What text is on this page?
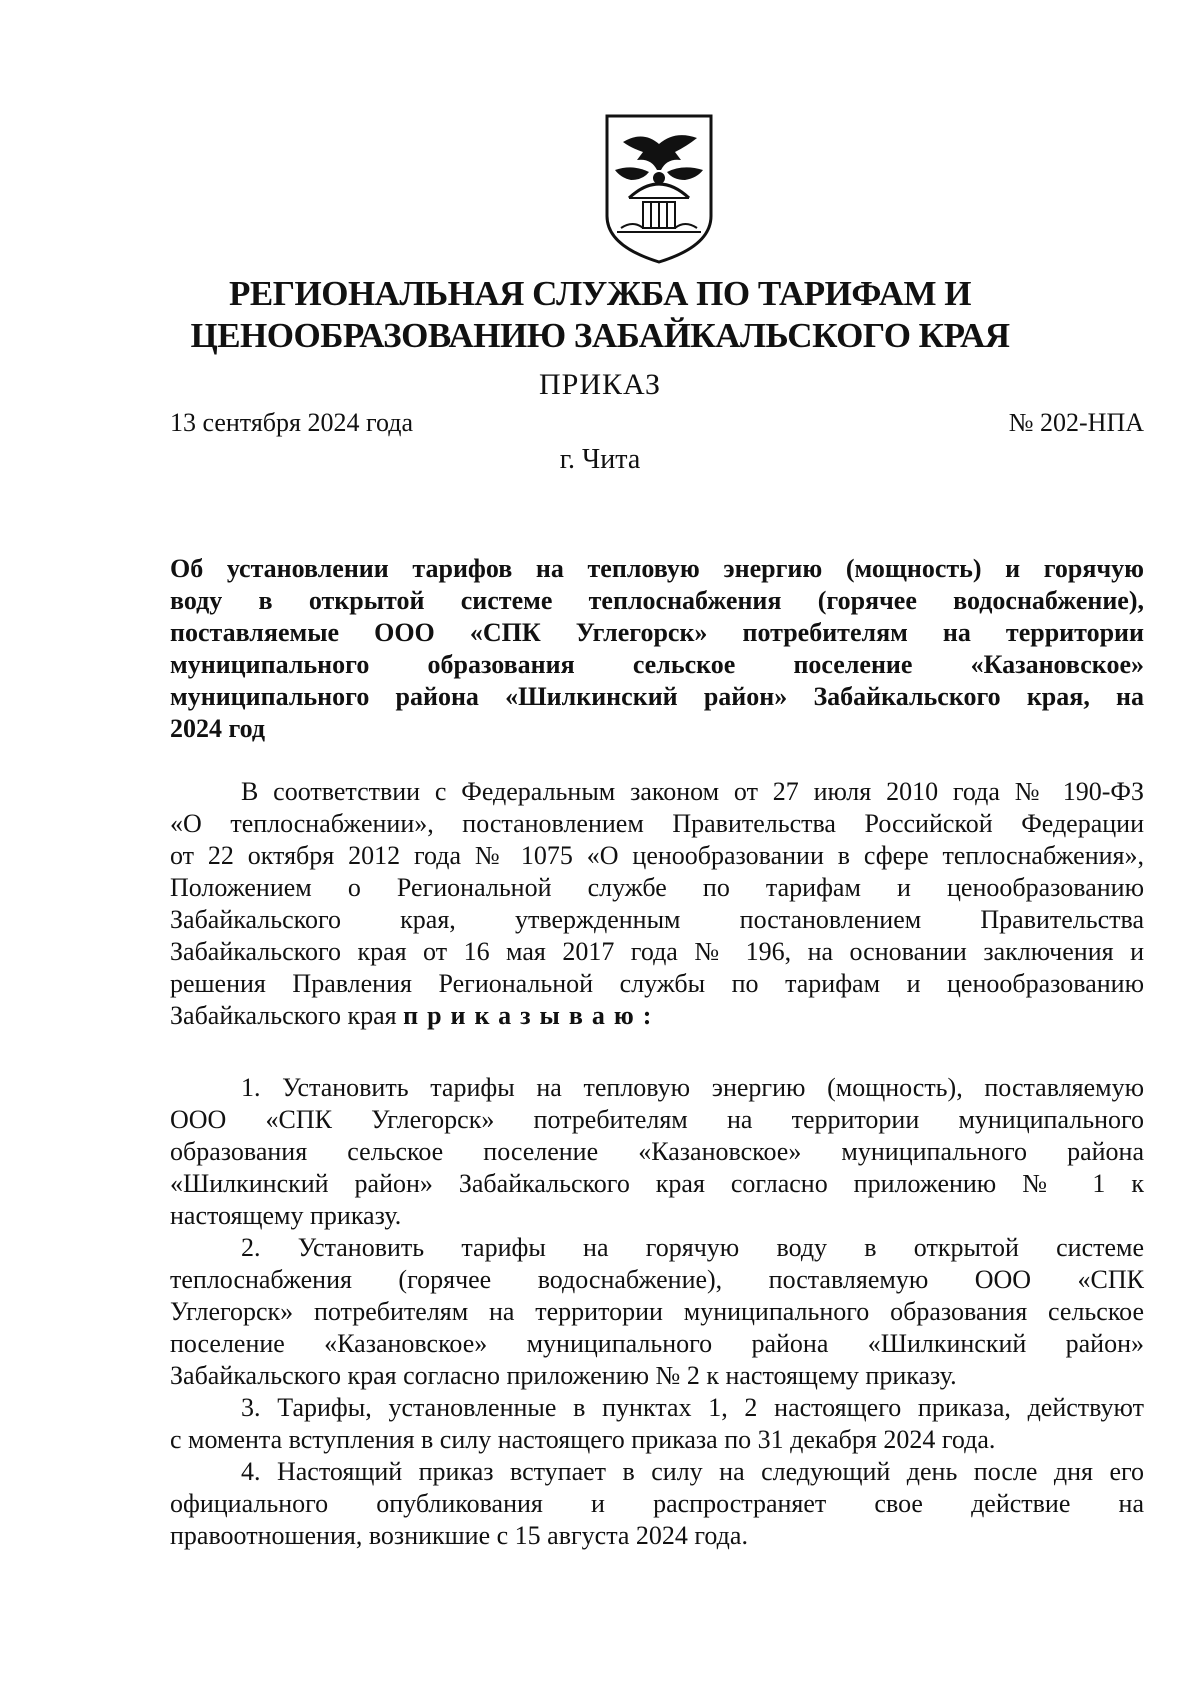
РЕГИОНАЛЬНАЯ СЛУЖБА ПО ТАРИФАМ И
ЦЕНООБРАЗОВАНИЮ ЗАБАЙКАЛЬСКОГО КРАЯ
ПРИКАЗ
13 сентября 2024 года	№ 202-НПА
г. Чита
Об установлении тарифов на тепловую энергию (мощность) и горячую
воду в открытой системе теплоснабжения (горячее водоснабжение),
поставляемые ООО «СПК Углегорск» потребителям на территории
муниципального образования сельское поселение «Казановское»
муниципального района «Шилкинский район» Забайкальского края, на
2024 год
В соответствии с Федеральным законом от 27 июля 2010 года № 190-ФЗ
«О теплоснабжении», постановлением Правительства Российской Федерации
от 22 октября 2012 года № 1075 «О ценообразовании в сфере теплоснабжения»,
Положением о Региональной службе по тарифам и ценообразованию
Забайкальского края, утвержденным постановлением Правительства
Забайкальского края от 16 мая 2017 года № 196, на основании заключения и
решения Правления Региональной службы по тарифам и ценообразованию
Забайкальского края приказываю:
1. Установить тарифы на тепловую энергию (мощность), поставляемую
ООО «СПК Углегорск» потребителям на территории муниципального
образования сельское поселение «Казановское» муниципального района
«Шилкинский район» Забайкальского края согласно приложению № 1 к
настоящему приказу.
2. Установить тарифы на горячую воду в открытой системе
теплоснабжения (горячее водоснабжение), поставляемую ООО «СПК
Углегорск» потребителям на территории муниципального образования сельское
поселение «Казановское» муниципального района «Шилкинский район»
Забайкальского края согласно приложению № 2 к настоящему приказу.
3. Тарифы, установленные в пунктах 1, 2 настоящего приказа, действуют
с момента вступления в силу настоящего приказа по 31 декабря 2024 года.
4. Настоящий приказ вступает в силу на следующий день после дня его
официального опубликования и распространяет свое действие на
правоотношения, возникшие с 15 августа 2024 года.
